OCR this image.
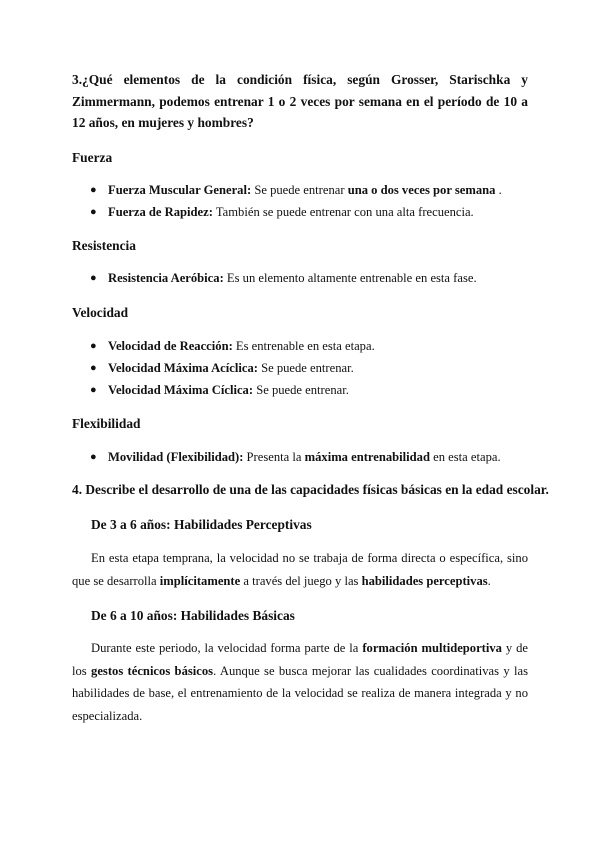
3.¿Qué elementos de la condición física, según Grosser, Starischka y Zimmermann, podemos entrenar 1 o 2 veces por semana en el período de 10 a 12 años, en mujeres y hombres?
Fuerza
● Fuerza Muscular General: Se puede entrenar una o dos veces por semana .
● Fuerza de Rapidez: También se puede entrenar con una alta frecuencia.
Resistencia
● Resistencia Aeróbica: Es un elemento altamente entrenable en esta fase.
Velocidad
● Velocidad de Reacción: Es entrenable en esta etapa.
● Velocidad Máxima Acíclica: Se puede entrenar.
● Velocidad Máxima Cíclica: Se puede entrenar.
Flexibilidad
● Movilidad (Flexibilidad): Presenta la máxima entrenabilidad en esta etapa.
4. Describe el desarrollo de una de las capacidades físicas básicas en la edad escolar.
De 3 a 6 años: Habilidades Perceptivas
En esta etapa temprana, la velocidad no se trabaja de forma directa o específica, sino que se desarrolla implícitamente a través del juego y las habilidades perceptivas.
De 6 a 10 años: Habilidades Básicas
Durante este periodo, la velocidad forma parte de la formación multideportiva y de los gestos técnicos básicos. Aunque se busca mejorar las cualidades coordinativas y las habilidades de base, el entrenamiento de la velocidad se realiza de manera integrada y no especializada.
